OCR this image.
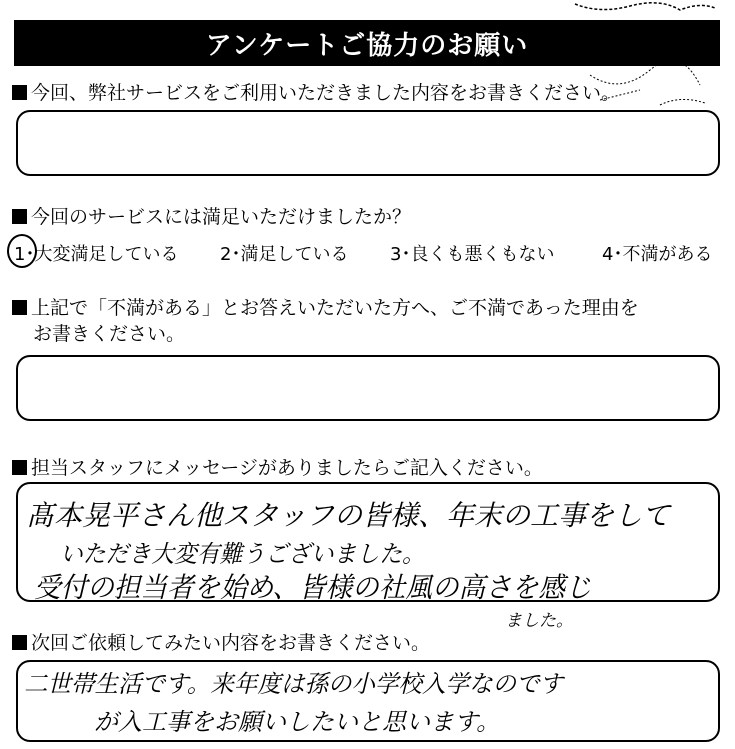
アンケートご協力のお願い
今回、弊社サービスをご利用いただきました内容をお書きください。
今回のサービスには満足いただけましたか？
1･大変満足している 2･満足している 3･良くも悪くもない	4･不満がある
上記で「不満がある」とお答えいただいた方へ、ご不満であった理由を
お書きください。
担当スタッフにメッセージがありましたらご記入ください。
髙本晃平さん他スタッフの皆様、年末の工事をして
いただき大変有難うございました。
受付の担当者を始め、皆様の社風の高さを感じ
ました。
次回ご依頼してみたい内容をお書きください。
二世帯生活です。来年度は孫の小学校入学なのです
が入工事をお願いしたいと思います。
